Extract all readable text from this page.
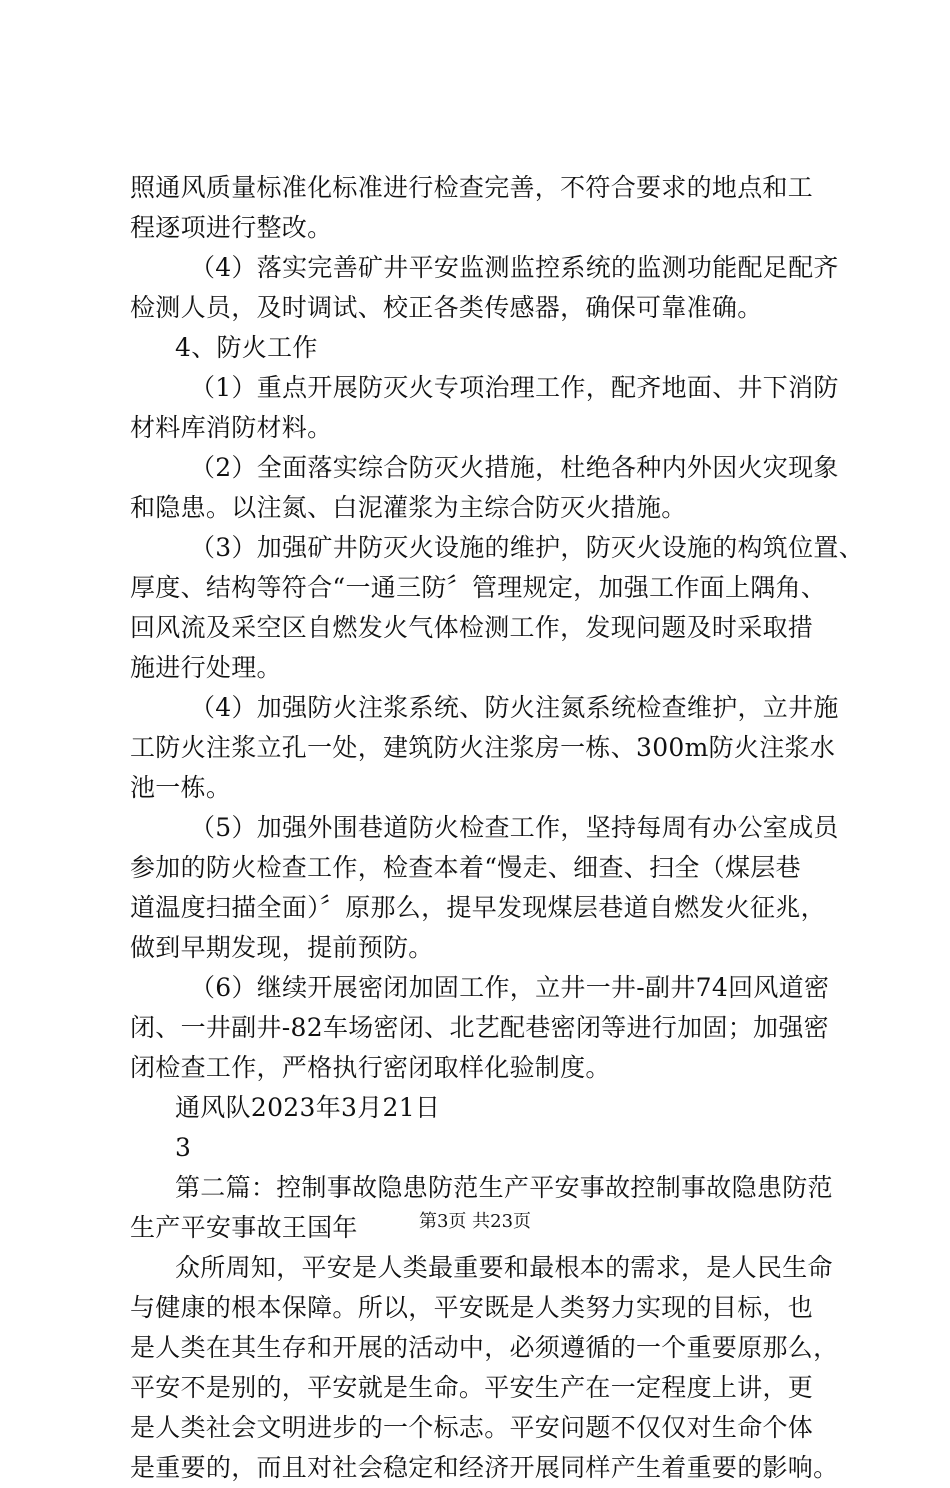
照通风质量标准化标准进行检查完善，不符合要求的地点和工
程逐项进行整改。
（4）落实完善矿井平安监测监控系统的监测功能配足配齐
检测人员，及时调试、校正各类传感器，确保可靠准确。
4、防火工作
（1）重点开展防灭火专项治理工作，配齐地面、井下消防
材料库消防材料。
（2）全面落实综合防灭火措施，杜绝各种内外因火灾现象
和隐患。以注氮、白泥灌浆为主综合防灭火措施。
（3）加强矿井防灭火设施的维护，防灭火设施的构筑位置、
厚度、结构等符合“一通三防〞管理规定，加强工作面上隅角、
回风流及采空区自燃发火气体检测工作，发现问题及时采取措
施进行处理。
（4）加强防火注浆系统、防火注氮系统检查维护，立井施
工防火注浆立孔一处，建筑防火注浆房一栋、300m防火注浆水
池一栋。
（5）加强外围巷道防火检查工作，坚持每周有办公室成员
参加的防火检查工作，检查本着“慢走、细查、扫全（煤层巷
道温度扫描全面）〞原那么，提早发现煤层巷道自燃发火征兆，
做到早期发现，提前预防。
（6）继续开展密闭加固工作，立井一井-副井74回风道密
闭、一井副井-82车场密闭、北艺配巷密闭等进行加固；加强密
闭检查工作，严格执行密闭取样化验制度。
通风队2023年3月21日
3
第二篇：控制事故隐患防范生产平安事故控制事故隐患防范
生产平安事故王国年
众所周知，平安是人类最重要和最根本的需求，是人民生命
与健康的根本保障。所以，平安既是人类努力实现的目标，也
是人类在其生存和开展的活动中，必须遵循的一个重要原那么，
平安不是别的，平安就是生命。平安生产在一定程度上讲，更
是人类社会文明进步的一个标志。平安问题不仅仅对生命个体
是重要的，而且对社会稳定和经济开展同样产生着重要的影响。
第3页 共23页
